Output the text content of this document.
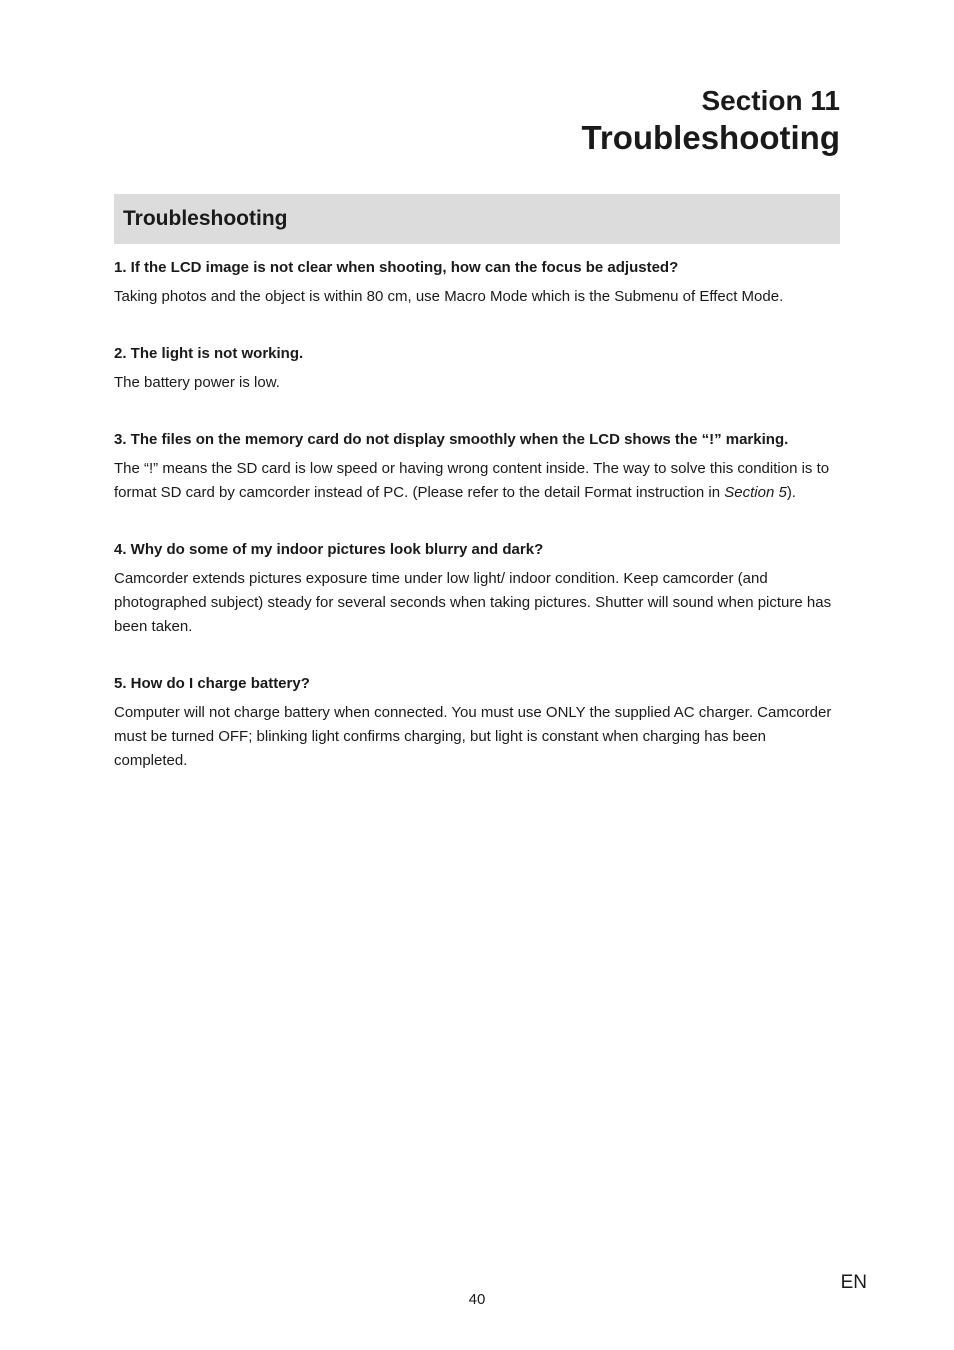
Section 11

Troubleshooting

Troubleshooting

1. If the LCD image is not clear when shooting, how can the focus be adjusted?

Taking photos and the object is within 80 cm, use Macro Mode which is the Submenu of Effect Mode.

2. The light is not working.

The battery power is low.

3. The files on the memory card do not display smoothly when the LCD shows the “!” marking.

The “!” means the SD card is low speed or having wrong content inside. The way to solve this condition is to format SD card by camcorder instead of PC. (Please refer to the detail Format instruction in Section 5).

4. Why do some of my indoor pictures look blurry and dark?

Camcorder extends pictures exposure time under low light/ indoor condition. Keep camcorder (and photographed subject) steady for several seconds when taking pictures. Shutter will sound when picture has been taken.

5. How do I charge battery?

Computer will not charge battery when connected. You must use ONLY the supplied AC charger. Camcorder must be turned OFF; blinking light confirms charging, but light is constant when charging has been completed.

40
EN
